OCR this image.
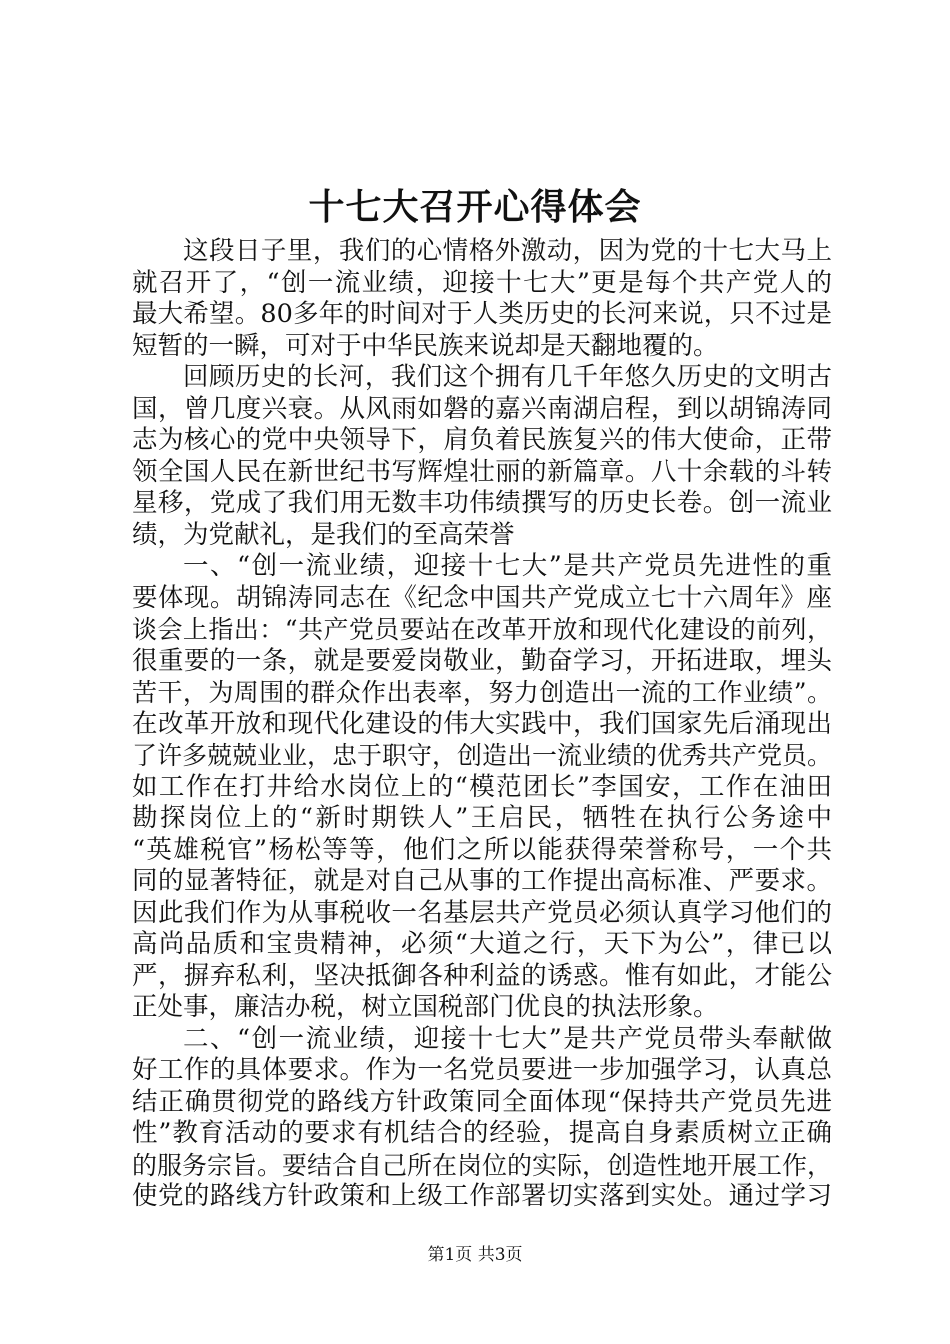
十七大召开心得体会
这段日子里，我们的心情格外激动，因为党的十七大马上
就召开了，“创一流业绩，迎接十七大”更是每个共产党人的
最大希望。80多年的时间对于人类历史的长河来说，只不过是
短暂的一瞬，可对于中华民族来说却是天翻地覆的。
回顾历史的长河，我们这个拥有几千年悠久历史的文明古
国，曾几度兴衰。从风雨如磐的嘉兴南湖启程，到以胡锦涛同
志为核心的党中央领导下，肩负着民族复兴的伟大使命，正带
领全国人民在新世纪书写辉煌壮丽的新篇章。八十余载的斗转
星移，党成了我们用无数丰功伟绩撰写的历史长卷。创一流业
绩，为党献礼，是我们的至高荣誉
一、“创一流业绩，迎接十七大”是共产党员先进性的重
要体现。胡锦涛同志在《纪念中国共产党成立七十六周年》座
谈会上指出：“共产党员要站在改革开放和现代化建设的前列，
很重要的一条，就是要爱岗敬业，勤奋学习，开拓进取，埋头
苦干，为周围的群众作出表率，努力创造出一流的工作业绩”。
在改革开放和现代化建设的伟大实践中，我们国家先后涌现出
了许多兢兢业业，忠于职守，创造出一流业绩的优秀共产党员。
如工作在打井给水岗位上的“模范团长”李国安，工作在油田
勘探岗位上的“新时期铁人”王启民，牺牲在执行公务途中
“英雄税官”杨松等等，他们之所以能获得荣誉称号，一个共
同的显著特征，就是对自己从事的工作提出高标准、严要求。
因此我们作为从事税收一名基层共产党员必须认真学习他们的
高尚品质和宝贵精神，必须“大道之行，天下为公”，律已以
严，摒弃私利，坚决抵御各种利益的诱惑。惟有如此，才能公
正处事，廉洁办税，树立国税部门优良的执法形象。
二、“创一流业绩，迎接十七大”是共产党员带头奉献做
好工作的具体要求。作为一名党员要进一步加强学习，认真总
结正确贯彻党的路线方针政策同全面体现“保持共产党员先进
性”教育活动的要求有机结合的经验，提高自身素质树立正确
的服务宗旨。要结合自己所在岗位的实际，创造性地开展工作，
使党的路线方针政策和上级工作部署切实落到实处。通过学习
第1页 共3页
